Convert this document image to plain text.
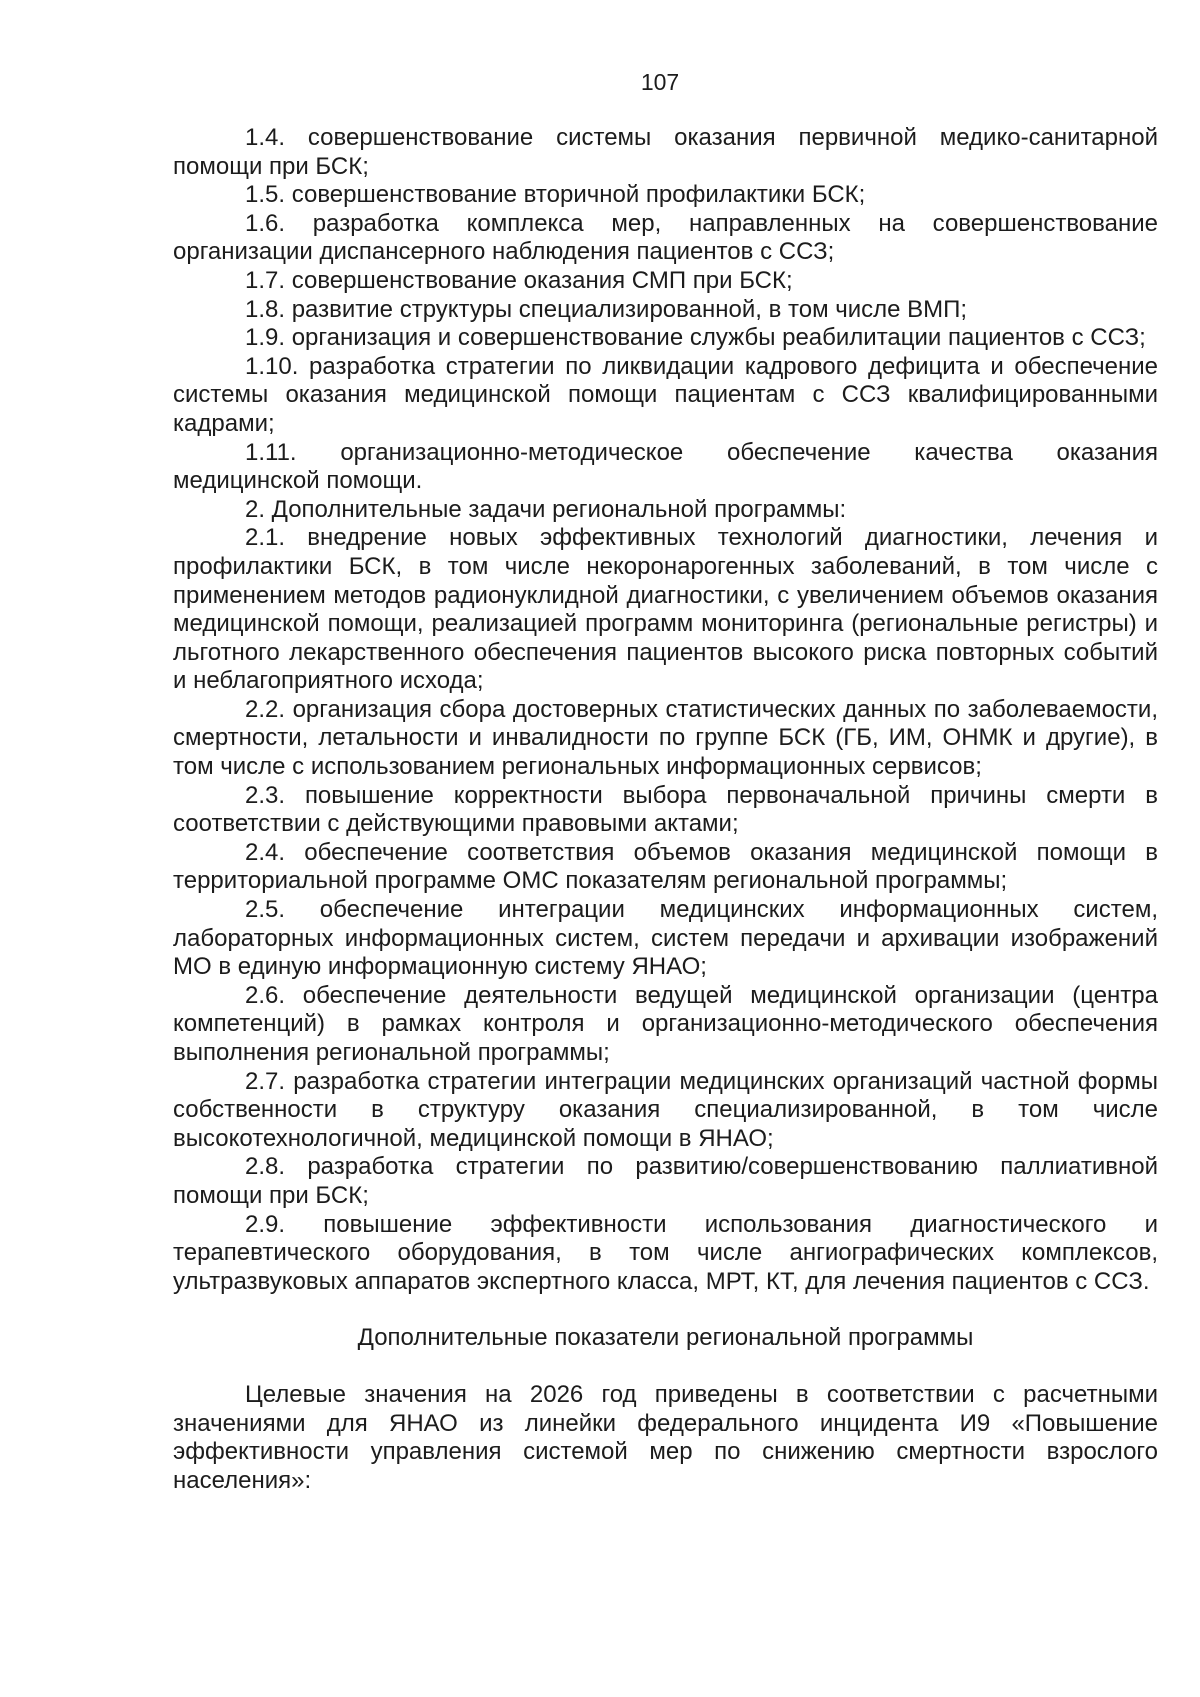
107

1.4. совершенствование системы оказания первичной медико-санитарной помощи при БСК;

1.5. совершенствование вторичной профилактики БСК;

1.6. разработка комплекса мер, направленных на совершенствование организации диспансерного наблюдения пациентов с ССЗ;

1.7. совершенствование оказания СМП при БСК;

1.8. развитие структуры специализированной, в том числе ВМП;

1.9. организация и совершенствование службы реабилитации пациентов с ССЗ;

1.10. разработка стратегии по ликвидации кадрового дефицита и обеспечение системы оказания медицинской помощи пациентам с ССЗ квалифицированными кадрами;

1.11. организационно-методическое обеспечение качества оказания медицинской помощи.

2. Дополнительные задачи региональной программы:

2.1. внедрение новых эффективных технологий диагностики, лечения и профилактики БСК, в том числе некоронарогенных заболеваний, в том числе с применением методов радионуклидной диагностики, с увеличением объемов оказания медицинской помощи, реализацией программ мониторинга (региональные регистры) и льготного лекарственного обеспечения пациентов высокого риска повторных событий и неблагоприятного исхода;

2.2. организация сбора достоверных статистических данных по заболеваемости, смертности, летальности и инвалидности по группе БСК (ГБ, ИМ, ОНМК и другие), в том числе с использованием региональных информационных сервисов;

2.3. повышение корректности выбора первоначальной причины смерти в соответствии с действующими правовыми актами;

2.4. обеспечение соответствия объемов оказания медицинской помощи в территориальной программе ОМС показателям региональной программы;

2.5. обеспечение интеграции медицинских информационных систем, лабораторных информационных систем, систем передачи и архивации изображений МО в единую информационную систему ЯНАО;

2.6. обеспечение деятельности ведущей медицинской организации (центра компетенций) в рамках контроля и организационно-методического обеспечения выполнения региональной программы;

2.7. разработка стратегии интеграции медицинских организаций частной формы собственности в структуру оказания специализированной, в том числе высокотехнологичной, медицинской помощи в ЯНАО;

2.8. разработка стратегии по развитию/совершенствованию паллиативной помощи при БСК;

2.9. повышение эффективности использования диагностического и терапевтического оборудования, в том числе ангиографических комплексов, ультразвуковых аппаратов экспертного класса, МРТ, КТ, для лечения пациентов с ССЗ.

Дополнительные показатели региональной программы

Целевые значения на 2026 год приведены в соответствии с расчетными значениями для ЯНАО из линейки федерального инцидента И9 «Повышение эффективности управления системой мер по снижению смертности взрослого населения»:
